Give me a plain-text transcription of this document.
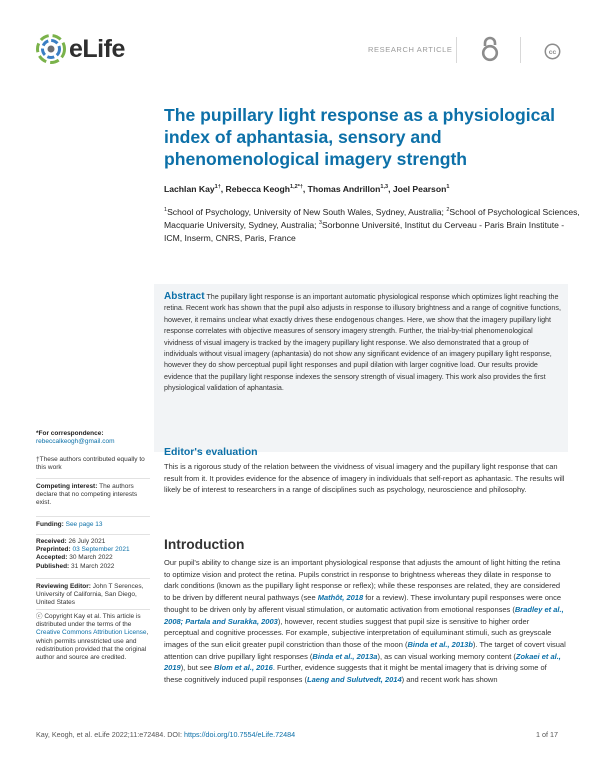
eLife	RESEARCH ARTICLE	cc
The pupillary light response as a physiological index of aphantasia, sensory and phenomenological imagery strength
Lachlan Kay$^{1\dagger}$, Rebecca Keogh$^{1,2*\dagger}$, Thomas Andrillon$^{1,3}$, Joel Pearson$^1$
$^1$School of Psychology, University of New South Wales, Sydney, Australia; $^2$School of Psychological Sciences, Macquarie University, Sydney, Australia; $^3$Sorbonne Université, Institut du Cerveau - Paris Brain Institute - ICM, Inserm, CNRS, Paris, France

Abstract The pupillary light response is an important automatic physiological response which optimizes light reaching the retina. Recent work has shown that the pupil also adjusts in response to illusory brightness and a range of cognitive functions, however, it remains unclear what exactly drives these endogenous changes. Here, we show that the imagery pupillary light response correlates with objective measures of sensory imagery strength. Further, the trial-by-trial phenomenological vividness of visual imagery is tracked by the imagery pupillary light response. We also demonstrated that a group of individuals without visual imagery (aphantasia) do not show any significant evidence of an imagery pupillary light response, however they do show perceptual pupil light responses and pupil dilation with larger cognitive load. Our results provide evidence that the pupillary light response indexes the sensory strength of visual imagery. This work also provides the first physiological validation of aphantasia.

*For correspondence:
rebeccalkeogh@gmail.com
†These authors contributed equally to this work
Competing interest: The authors declare that no competing interests exist.
Funding: See page 13
Received: 26 July 2021
Preprinted: 03 September 2021
Accepted: 30 March 2022
Published: 31 March 2022
Reviewing Editor: John T Serences, University of California, San Diego, United States
ⓒ Copyright Kay et al. This article is distributed under the terms of the Creative Commons Attribution License, which permits unrestricted use and redistribution provided that the original author and source are credited.
Editor's evaluation

This is a rigorous study of the relation between the vividness of visual imagery and the pupillary light response that can result from it. It provides evidence for the absence of imagery in individuals that self-report as aphantasic. The results will likely be of interest to researchers in a range of disciplines such as psychology, neuroscience and philosophy.

Introduction

Our pupil's ability to change size is an important physiological response that adjusts the amount of light hitting the retina to optimize vision and protect the retina. Pupils constrict in response to brightness whereas they dilate in response to dark conditions (known as the pupillary light response or reflex); while these responses are related, they are considered to be driven by different neural pathways (see Mathôt, 2018 for a review). These involuntary pupil responses were once thought to be driven only by afferent visual stimulation, or automatic activation from emotional responses (Bradley et al., 2008; Partala and Surakka, 2003), however, recent studies suggest that pupil size is sensitive to higher order perceptual and cognitive processes. For example, subjective interpretation of equiluminant stimuli, such as greyscale images of the sun elicit greater pupil constriction than those of the moon (Binda et al., 2013b). The target of covert visual attention can drive pupillary light responses (Binda et al., 2013a), as can visual working memory content (Zokaei et al., 2019), but see Blom et al., 2016. Further, evidence suggests that it might be mental imagery that is driving some of these cognitively induced pupil responses (Laeng and Sulutvedt, 2014) and recent work has shown

Kay, Keogh, et al. eLife 2022;11:e72484. DOI: https://doi.org/10.7554/eLife.72484	1 of 17
